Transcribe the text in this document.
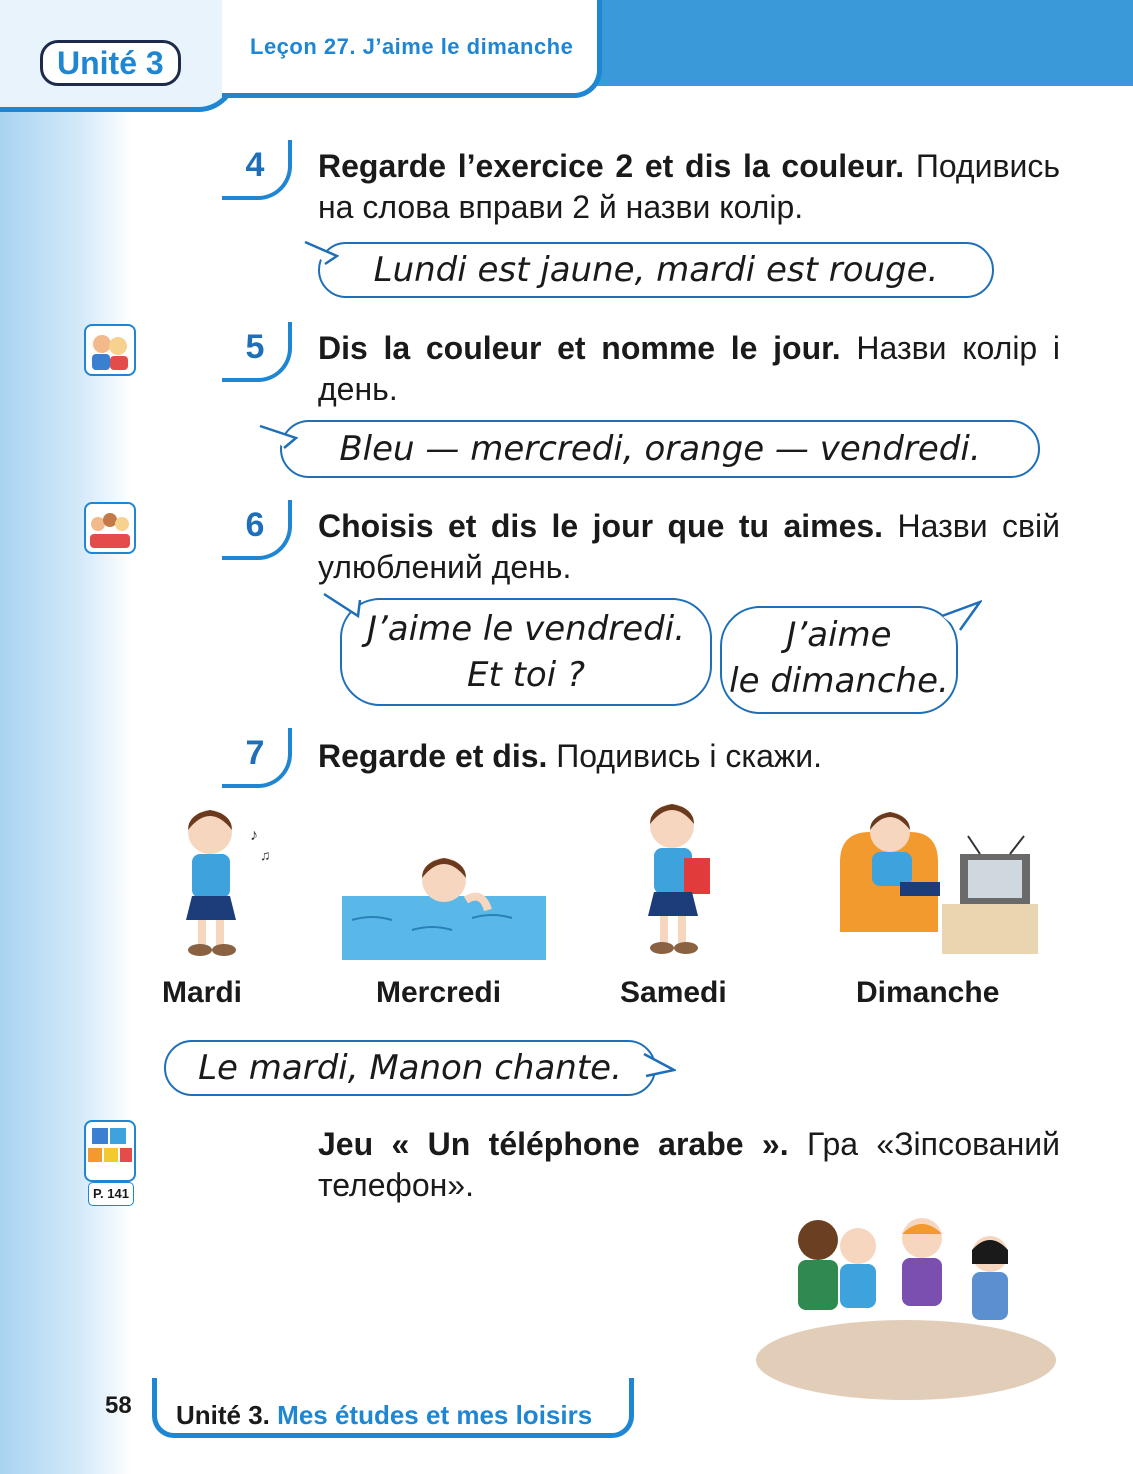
Unité 3	Leçon 27. J’aime le dimanche
4	Regarde l’exercice 2 et dis la couleur. Подивись на слова вправи 2 й назви колір.
Lundi est jaune, mardi est rouge.
5	Dis la couleur et nomme le jour. Назви колір і день.
Bleu — mercredi, orange — vendredi.
6	Choisis et dis le jour que tu aimes. Назви свій улюблений день.
J’aime le vendredi.
Et toi ?
J’aime
le dimanche.
7	Regarde et dis. Подивись і скажи.
♪
♫
Mardi	Mercredi	Samedi	Dimanche
Le mardi, Manon chante.
P. 141
Jeu « Un téléphone arabe ». Гра «Зіпсований телефон».
58 Unité 3. Mes études et mes loisirs
